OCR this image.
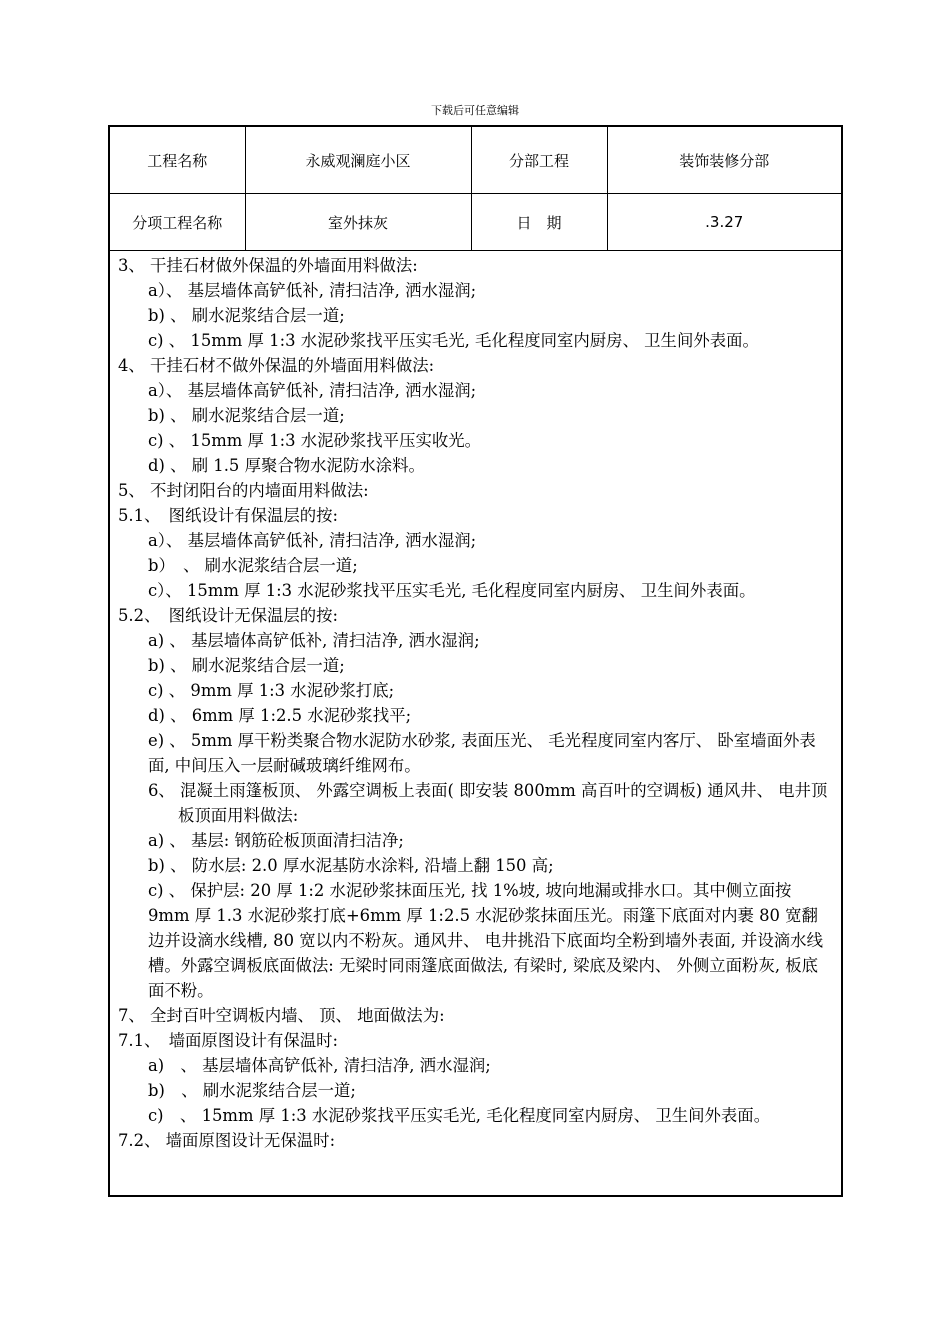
下载后可任意编辑
工程名称	永威观澜庭小区	分部工程	装饰装修分部
分项工程名称	室外抹灰	日　期	.3.27
3、 干挂石材做外保温的外墙面用料做法:
a）、 基层墙体高铲低补, 清扫洁净, 洒水湿润;
b) 、 刷水泥浆结合层一道;
c) 、 15mm 厚 1:3 水泥砂浆找平压实毛光, 毛化程度同室内厨房、 卫生间外表面。
4、 干挂石材不做外保温的外墙面用料做法:
a）、 基层墙体高铲低补, 清扫洁净, 洒水湿润;
b) 、 刷水泥浆结合层一道;
c) 、 15mm 厚 1:3 水泥砂浆找平压实收光。
d) 、 刷 1.5 厚聚合物水泥防水涂料。
5、 不封闭阳台的内墙面用料做法:
5.1、　图纸设计有保温层的按:
a）、 基层墙体高铲低补, 清扫洁净, 洒水湿润;
b）　、 刷水泥浆结合层一道;
c）、 15mm 厚 1:3 水泥砂浆找平压实毛光, 毛化程度同室内厨房、 卫生间外表面。
5.2、　图纸设计无保温层的按:
a) 、 基层墙体高铲低补, 清扫洁净, 洒水湿润;
b) 、 刷水泥浆结合层一道;
c) 、 9mm 厚 1:3 水泥砂浆打底;
d) 、 6mm 厚 1:2.5 水泥砂浆找平;
e) 、 5mm 厚干粉类聚合物水泥防水砂浆, 表面压光、 毛光程度同室内客厅、 卧室墙面外表面, 中间压入一层耐碱玻璃纤维网布。
6、 混凝土雨篷板顶、 外露空调板上表面( 即安装 800mm 高百叶的空调板) 通风井、 电井顶板顶面用料做法:
a) 、 基层: 钢筋砼板顶面清扫洁净;
b) 、 防水层: 2.0 厚水泥基防水涂料, 沿墙上翻 150 高;
c) 、 保护层: 20 厚 1:2 水泥砂浆抹面压光, 找 1%坡, 坡向地漏或排水口。其中侧立面按 9mm 厚 1.3 水泥砂浆打底+6mm 厚 1:2.5 水泥砂浆抹面压光。雨篷下底面对内裹 80 宽翻边并设滴水线槽, 80 宽以内不粉灰。通风井、 电井挑沿下底面均全粉到墙外表面, 并设滴水线槽。外露空调板底面做法: 无梁时同雨篷底面做法, 有梁时, 梁底及梁内、 外侧立面粉灰, 板底面不粉。
7、 全封百叶空调板内墙、 顶、 地面做法为:
7.1、　墙面原图设计有保温时:
a)　、 基层墙体高铲低补, 清扫洁净, 洒水湿润;
b)　、 刷水泥浆结合层一道;
c)　、 15mm 厚 1:3 水泥砂浆找平压实毛光, 毛化程度同室内厨房、 卫生间外表面。
7.2、 墙面原图设计无保温时:
